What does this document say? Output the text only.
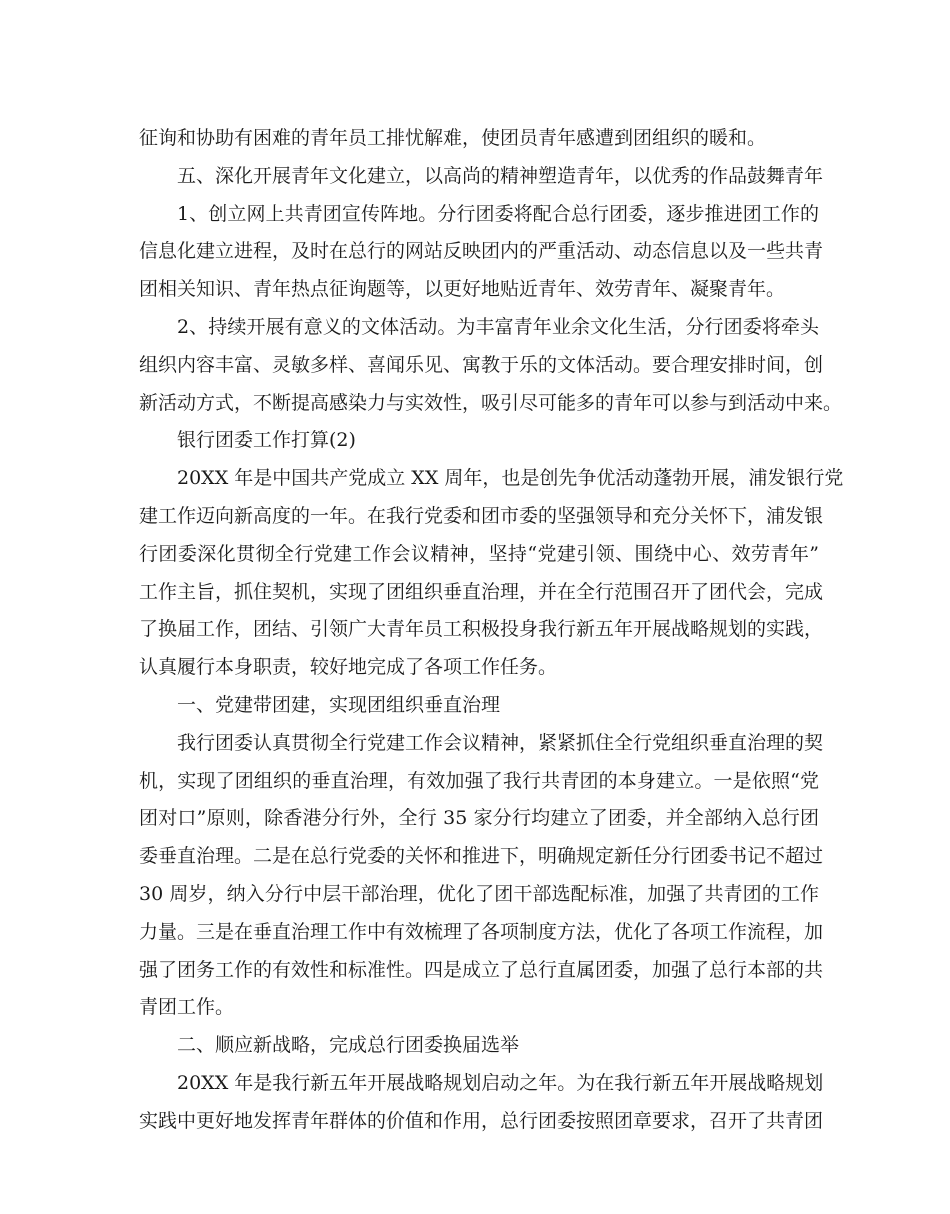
征询和协助有困难的青年员工排忧解难，使团员青年感遭到团组织的暖和。
五、深化开展青年文化建立，以高尚的精神塑造青年，以优秀的作品鼓舞青年
1、创立网上共青团宣传阵地。分行团委将配合总行团委，逐步推进团工作的
信息化建立进程，及时在总行的网站反映团内的严重活动、动态信息以及一些共青
团相关知识、青年热点征询题等，以更好地贴近青年、效劳青年、凝聚青年。
2、持续开展有意义的文体活动。为丰富青年业余文化生活，分行团委将牵头
组织内容丰富、灵敏多样、喜闻乐见、寓教于乐的文体活动。要合理安排时间，创
新活动方式，不断提高感染力与实效性，吸引尽可能多的青年可以参与到活动中来。
银行团委工作打算(2)
20XX 年是中国共产党成立 XX 周年，也是创先争优活动蓬勃开展，浦发银行党
建工作迈向新高度的一年。在我行党委和团市委的坚强领导和充分关怀下，浦发银
行团委深化贯彻全行党建工作会议精神，坚持“党建引领、围绕中心、效劳青年”
工作主旨，抓住契机，实现了团组织垂直治理，并在全行范围召开了团代会，完成
了换届工作，团结、引领广大青年员工积极投身我行新五年开展战略规划的实践，
认真履行本身职责，较好地完成了各项工作任务。
一、党建带团建，实现团组织垂直治理
我行团委认真贯彻全行党建工作会议精神，紧紧抓住全行党组织垂直治理的契
机，实现了团组织的垂直治理，有效加强了我行共青团的本身建立。一是依照“党
团对口”原则，除香港分行外，全行 35 家分行均建立了团委，并全部纳入总行团
委垂直治理。二是在总行党委的关怀和推进下，明确规定新任分行团委书记不超过
30 周岁，纳入分行中层干部治理，优化了团干部选配标准，加强了共青团的工作
力量。三是在垂直治理工作中有效梳理了各项制度方法，优化了各项工作流程，加
强了团务工作的有效性和标准性。四是成立了总行直属团委，加强了总行本部的共
青团工作。
二、顺应新战略，完成总行团委换届选举
20XX 年是我行新五年开展战略规划启动之年。为在我行新五年开展战略规划
实践中更好地发挥青年群体的价值和作用，总行团委按照团章要求，召开了共青团
